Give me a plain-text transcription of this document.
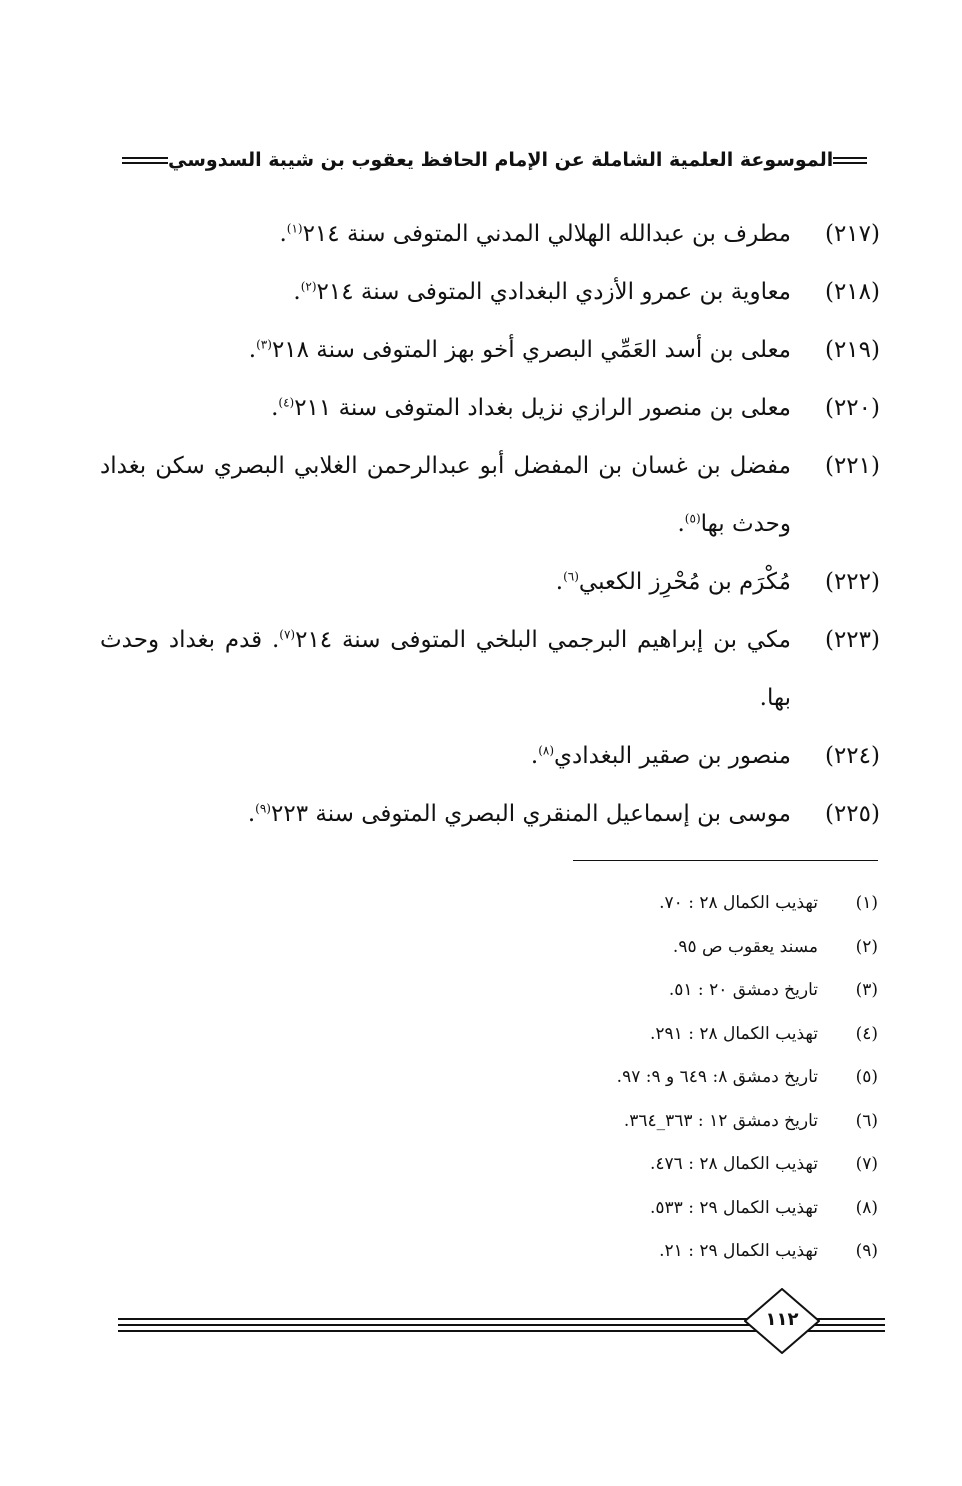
الموسوعة العلمية الشاملة عن الإمام الحافظ يعقوب بن شيبة السدوسي
(٢١٧)
مطرف بن عبدالله الهلالي المدني المتوفى سنة ٢١٤$^{(١)}$.
(٢١٨)
معاوية بن عمرو الأزدي البغدادي المتوفى سنة ٢١٤$^{(٢)}$.
(٢١٩)
معلى بن أسد العَمِّي البصري أخو بهز المتوفى سنة ٢١٨$^{(٣)}$.
(٢٢٠)
معلى بن منصور الرازي نزيل بغداد المتوفى سنة ٢١١$^{(٤)}$.
(٢٢١)
مفضل بن غسان بن المفضل أبو عبدالرحمن الغلابي البصري سكن بغداد وحدث بها$^{(٥)}$.
(٢٢٢)
مُكْرَم بن مُحْرِز الكعبي$^{(٦)}$.
(٢٢٣)
مكي بن إبراهيم البرجمي البلخي المتوفى سنة ٢١٤$^{(٧)}$. قدم بغداد وحدث بها.
(٢٢٤)
منصور بن صقير البغدادي$^{(٨)}$.
(٢٢٥)
موسى بن إسماعيل المنقري البصري المتوفى سنة ٢٢٣$^{(٩)}$.
(١)
تهذيب الكمال ٢٨ : ٧٠.
(٢)
مسند يعقوب ص ٩٥.
(٣)
تاريخ دمشق ٢٠ : ٥١.
(٤)
تهذيب الكمال ٢٨ : ٢٩١.
(٥)
تاريخ دمشق ٨: ٦٤٩ و ٩: ٩٧.
(٦)
تاريخ دمشق ١٢ : ٣٦٣_٣٦٤.
(٧)
تهذيب الكمال ٢٨ : ٤٧٦.
(٨)
تهذيب الكمال ٢٩ : ٥٣٣.
(٩)
تهذيب الكمال ٢٩ : ٢١.
١١٢
